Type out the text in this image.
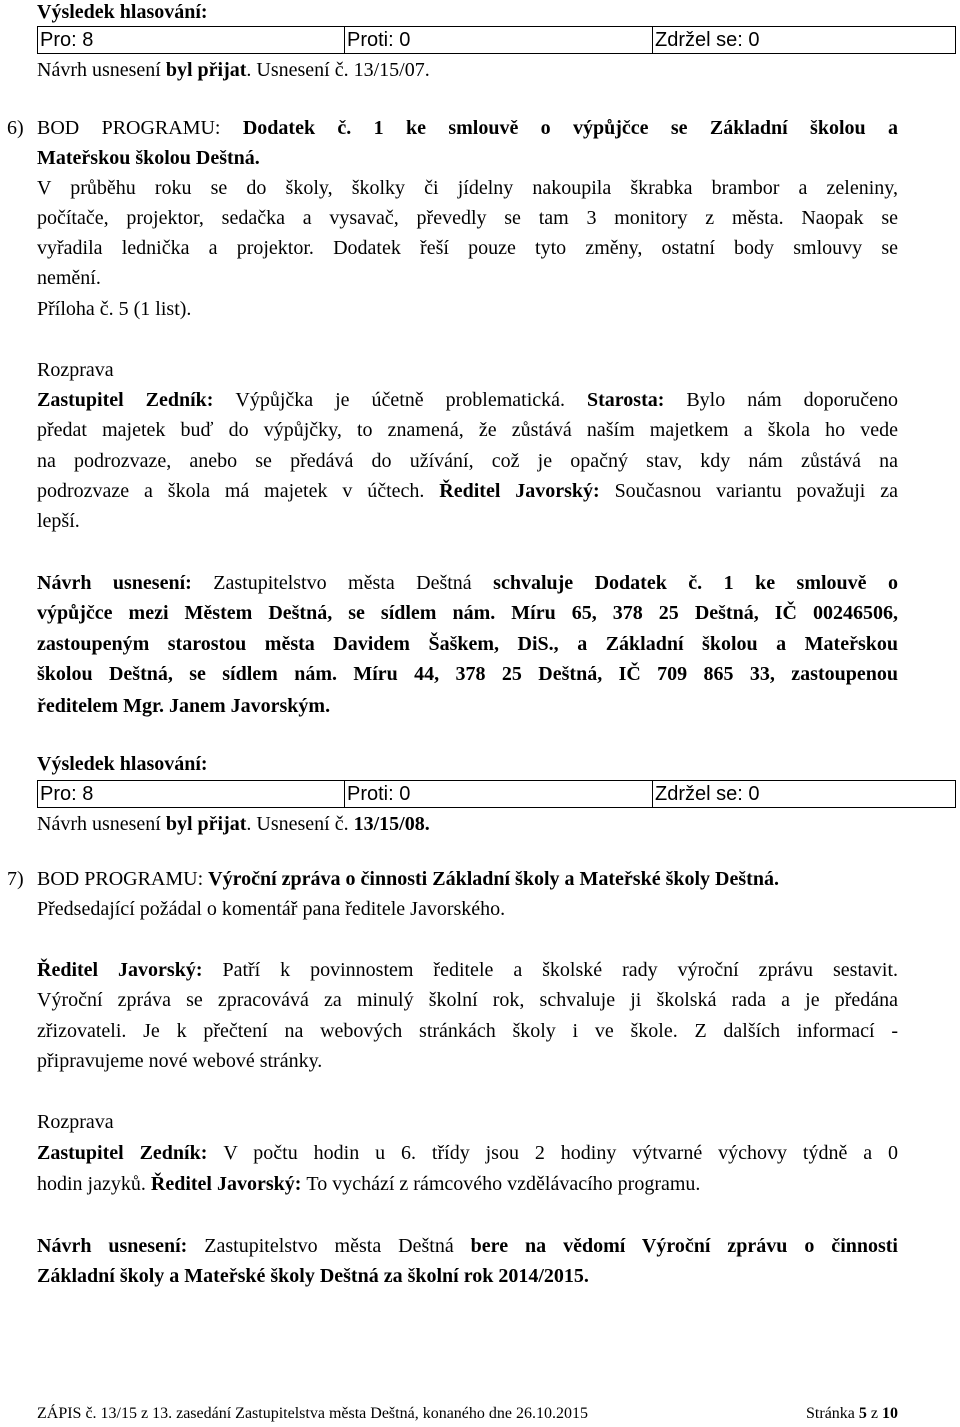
Výsledek hlasování:
Pro: 8	Proti: 0	Zdržel se: 0
Návrh usnesení byl přijat. Usnesení č. 13/15/07.
6) BOD PROGRAMU: Dodatek č. 1 ke smlouvě o výpůjčce se Základní školou a
Mateřskou školou Deštná.
V průběhu roku se do školy, školky či jídelny nakoupila škrabka brambor a zeleniny,
počítače, projektor, sedačka a vysavač, převedly se tam 3 monitory z města. Naopak se
vyřadila lednička a projektor. Dodatek řeší pouze tyto změny, ostatní body smlouvy se
nemění.
Příloha č. 5 (1 list).
Rozprava
Zastupitel Zedník: Výpůjčka je účetně problematická. Starosta: Bylo nám doporučeno
předat majetek buď do výpůjčky, to znamená, že zůstává naším majetkem a škola ho vede
na podrozvaze, anebo se předává do užívání, což je opačný stav, kdy nám zůstává na
podrozvaze a škola má majetek v účtech. Ředitel Javorský: Současnou variantu považuji za
lepší.
Návrh usnesení: Zastupitelstvo města Deštná schvaluje Dodatek č. 1 ke smlouvě o
výpůjčce mezi Městem Deštná, se sídlem nám. Míru 65, 378 25 Deštná, IČ 00246506,
zastoupeným starostou města Davidem Šaškem, DiS., a Základní školou a Mateřskou
školou Deštná, se sídlem nám. Míru 44, 378 25 Deštná, IČ 709 865 33, zastoupenou
ředitelem Mgr. Janem Javorským.
Výsledek hlasování:
Pro: 8	Proti: 0	Zdržel se: 0
Návrh usnesení byl přijat. Usnesení č. 13/15/08.
7) BOD PROGRAMU: Výroční zpráva o činnosti Základní školy a Mateřské školy Deštná.
Předsedající požádal o komentář pana ředitele Javorského.
Ředitel Javorský: Patří k povinnostem ředitele a školské rady výroční zprávu sestavit.
Výroční zpráva se zpracovává za minulý školní rok, schvaluje ji školská rada a je předána
zřizovateli. Je k přečtení na webových stránkách školy i ve škole. Z dalších informací -
připravujeme nové webové stránky.
Rozprava
Zastupitel Zedník: V počtu hodin u 6. třídy jsou 2 hodiny výtvarné výchovy týdně a 0
hodin jazyků. Ředitel Javorský: To vychází z rámcového vzdělávacího programu.
Návrh usnesení: Zastupitelstvo města Deštná bere na vědomí Výroční zprávu o činnosti
Základní školy a Mateřské školy Deštná za školní rok 2014/2015.
ZÁPIS č. 13/15 z 13. zasedání Zastupitelstva města Deštná, konaného dne 26.10.2015	Stránka 5 z 10
